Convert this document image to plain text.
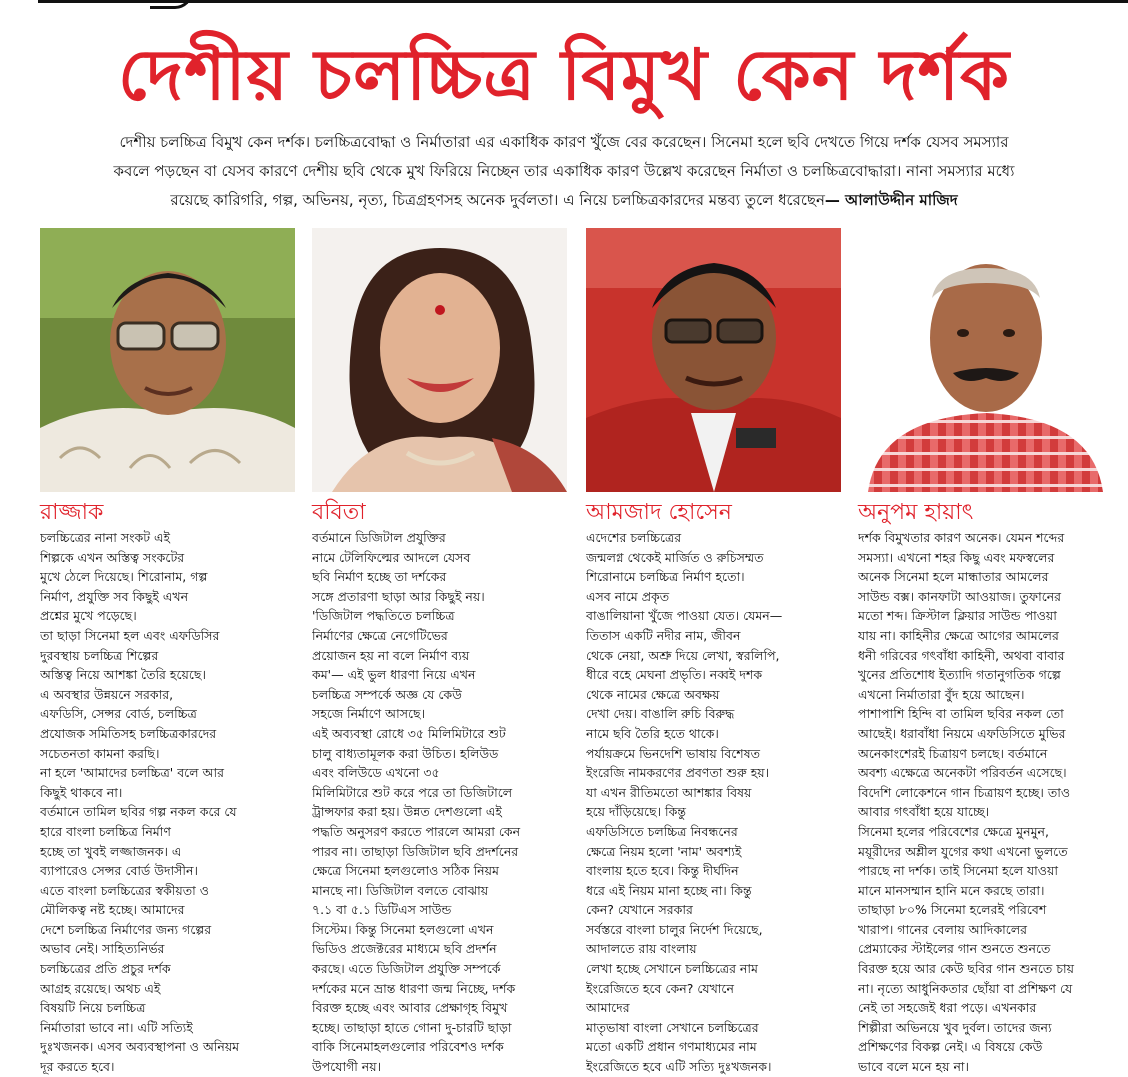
দেশীয় চলচ্চিত্র বিমুখ কেন দর্শক
দেশীয় চলচ্চিত্র বিমুখ কেন দর্শক। চলচ্চিত্রবোদ্ধা ও নির্মাতারা এর একাধিক কারণ খুঁজে বের করেছেন। সিনেমা হলে ছবি দেখতে গিয়ে দর্শক যেসব সমস্যার
কবলে পড়ছেন বা যেসব কারণে দেশীয় ছবি থেকে মুখ ফিরিয়ে নিচ্ছেন তার একাধিক কারণ উল্লেখ করেছেন নির্মাতা ও চলচ্চিত্রবোদ্ধারা। নানা সমস্যার মধ্যে
রয়েছে কারিগরি, গল্প, অভিনয়, নৃত্য, চিত্রগ্রহণসহ অনেক দুর্বলতা। এ নিয়ে চলচ্চিত্রকারদের মন্তব্য তুলে ধরেছেন— আলাউদ্দীন মাজিদ
রাজ্জাক

চলচ্চিত্রের নানা সংকট এই

শিল্পকে এখন অস্তিত্ব সংকটের

মুখে ঠেলে দিয়েছে। শিরোনাম, গল্প

নির্মাণ, প্রযুক্তি সব কিছুই এখন

প্রশ্নের মুখে পড়েছে।

তা ছাড়া সিনেমা হল এবং এফডিসির

দুরবস্থায় চলচ্চিত্র শিল্পের

অস্তিত্ব নিয়ে আশঙ্কা তৈরি হয়েছে।

এ অবস্থার উন্নয়নে সরকার,

এফডিসি, সেন্সর বোর্ড, চলচ্চিত্র

প্রযোজক সমিতিসহ চলচ্চিত্রকারদের

সচেতনতা কামনা করছি।

না হলে 'আমাদের চলচ্চিত্র' বলে আর

কিছুই থাকবে না।

বর্তমানে তামিল ছবির গল্প নকল করে যে

হারে বাংলা চলচ্চিত্র নির্মাণ

হচ্ছে তা খুবই লজ্জাজনক। এ

ব্যাপারেও সেন্সর বোর্ড উদাসীন।

এতে বাংলা চলচ্চিত্রের স্বকীয়তা ও

মৌলিকত্ব নষ্ট হচ্ছে। আমাদের

দেশে চলচ্চিত্র নির্মাণের জন্য গল্পের

অভাব নেই। সাহিত্যনির্ভর

চলচ্চিত্রের প্রতি প্রচুর দর্শক

আগ্রহ রয়েছে। অথচ এই

বিষয়টি নিয়ে চলচ্চিত্র

নির্মাতারা ভাবে না। এটি সত্যিই

দুঃখজনক। এসব অব্যবস্থাপনা ও অনিয়ম

দূর করতে হবে।

ববিতা

বর্তমানে ডিজিটাল প্রযুক্তির

নামে টেলিফিল্মের আদলে যেসব

ছবি নির্মাণ হচ্ছে তা দর্শকের

সঙ্গে প্রতারণা ছাড়া আর কিছুই নয়।

'ডিজিটাল পদ্ধতিতে চলচ্চিত্র

নির্মাণের ক্ষেত্রে নেগেটিভের

প্রয়োজন হয় না বলে নির্মাণ ব্যয়

কম'— এই ভুল ধারণা নিয়ে এখন

চলচ্চিত্র সম্পর্কে অজ্ঞ যে কেউ

সহজে নির্মাণে আসছে।

এই অব্যবস্থা রোধে ৩৫ মিলিমিটারে শুট

চালু বাধ্যতামূলক করা উচিত। হলিউড

এবং বলিউডে এখনো ৩৫

মিলিমিটারে শুট করে পরে তা ডিজিটালে

ট্রান্সফার করা হয়। উন্নত দেশগুলো এই

পদ্ধতি অনুসরণ করতে পারলে আমরা কেন

পারব না। তাছাড়া ডিজিটাল ছবি প্রদর্শনের

ক্ষেত্রে সিনেমা হলগুলোও সঠিক নিয়ম

মানছে না। ডিজিটাল বলতে বোঝায়

৭.১ বা ৫.১ ডিটিএস সাউন্ড

সিস্টেম। কিন্তু সিনেমা হলগুলো এখন

ভিডিও প্রজেক্টরের মাধ্যমে ছবি প্রদর্শন

করছে। এতে ডিজিটাল প্রযুক্তি সম্পর্কে

দর্শকের মনে ভ্রান্ত ধারণা জন্ম নিচ্ছে, দর্শক

বিরক্ত হচ্ছে এবং আবার প্রেক্ষাগৃহ বিমুখ

হচ্ছে। তাছাড়া হাতে গোনা দু-চারটি ছাড়া

বাকি সিনেমাহলগুলোর পরিবেশও দর্শক

উপযোগী নয়।

আমজাদ হোসেন

এদেশের চলচ্চিত্রের

জন্মলগ্ন থেকেই মার্জিত ও রুচিসম্মত

শিরোনামে চলচ্চিত্র নির্মাণ হতো।

এসব নামে প্রকৃত

বাঙালিয়ানা খুঁজে পাওয়া যেত। যেমন—

তিতাস একটি নদীর নাম, জীবন

থেকে নেয়া, অশ্রু দিয়ে লেখা, স্বরলিপি,

ধীরে বহে মেঘনা প্রভৃতি। নব্বই দশক

থেকে নামের ক্ষেত্রে অবক্ষয়

দেখা দেয়। বাঙালি রুচি বিরুদ্ধ

নামে ছবি তৈরি হতে থাকে।

পর্যায়ক্রমে ভিনদেশি ভাষায় বিশেষত

ইংরেজি নামকরণের প্রবণতা শুরু হয়।

যা এখন রীতিমতো আশঙ্কার বিষয়

হয়ে দাঁড়িয়েছে। কিন্তু

এফডিসিতে চলচ্চিত্র নিবন্ধনের

ক্ষেত্রে নিয়ম হলো 'নাম' অবশ্যই

বাংলায় হতে হবে। কিন্তু দীর্ঘদিন

ধরে এই নিয়ম মানা হচ্ছে না। কিন্তু

কেন? যেখানে সরকার

সর্বস্তরে বাংলা চালুর নির্দেশ দিয়েছে,

আদালতে রায় বাংলায়

লেখা হচ্ছে সেখানে চলচ্চিত্রের নাম

ইংরেজিতে হবে কেন? যেখানে

আমাদের

মাতৃভাষা বাংলা সেখানে চলচ্চিত্রের

মতো একটি প্রধান গণমাধ্যমের নাম

ইংরেজিতে হবে এটি সত্যি দুঃখজনক।

অনুপম হায়াৎ

দর্শক বিমুখতার কারণ অনেক। যেমন শব্দের

সমস্যা। এখনো শহর কিছু এবং মফস্বলের

অনেক সিনেমা হলে মান্ধাতার আমলের

সাউন্ড বক্স। কানফাটা আওয়াজ। তুফানের

মতো শব্দ। ক্রিস্টাল ক্লিয়ার সাউন্ড পাওয়া

যায় না। কাহিনীর ক্ষেত্রে আগের আমলের

ধনী গরিবের গৎবাঁধা কাহিনী, অথবা বাবার

খুনের প্রতিশোধ ইত্যাদি গতানুগতিক গল্পে

এখনো নির্মাতারা বুঁদ হয়ে আছেন।

পাশাপাশি হিন্দি বা তামিল ছবির নকল তো

আছেই। ধরাবাঁধা নিয়মে এফডিসিতে মুভির

অনেকাংশেরই চিত্রায়ণ চলছে। বর্তমানে

অবশ্য এক্ষেত্রে অনেকটা পরিবর্তন এসেছে।

বিদেশি লোকেশনে গান চিত্রায়ণ হচ্ছে। তাও

আবার গৎবাঁধা হয়ে যাচ্ছে।

সিনেমা হলের পরিবেশের ক্ষেত্রে মুনমুন,

ময়ূরীদের অশ্লীল যুগের কথা এখনো ভুলতে

পারছে না দর্শক। তাই সিনেমা হলে যাওয়া

মানে মানসম্মান হানি মনে করছে তারা।

তাছাড়া ৮০% সিনেমা হলেরই পরিবেশ

খারাপ। গানের বেলায় আদিকালের

প্রেম্যাকের স্টাইলের গান শুনতে শুনতে

বিরক্ত হয়ে আর কেউ ছবির গান শুনতে চায়

না। নৃত্যে আধুনিকতার ছোঁয়া বা প্রশিক্ষণ যে

নেই তা সহজেই ধরা পড়ে। এখনকার

শিল্পীরা অভিনয়ে খুব দুর্বল। তাদের জন্য

প্রশিক্ষণের বিকল্প নেই। এ বিষয়ে কেউ

ভাবে বলে মনে হয় না।
